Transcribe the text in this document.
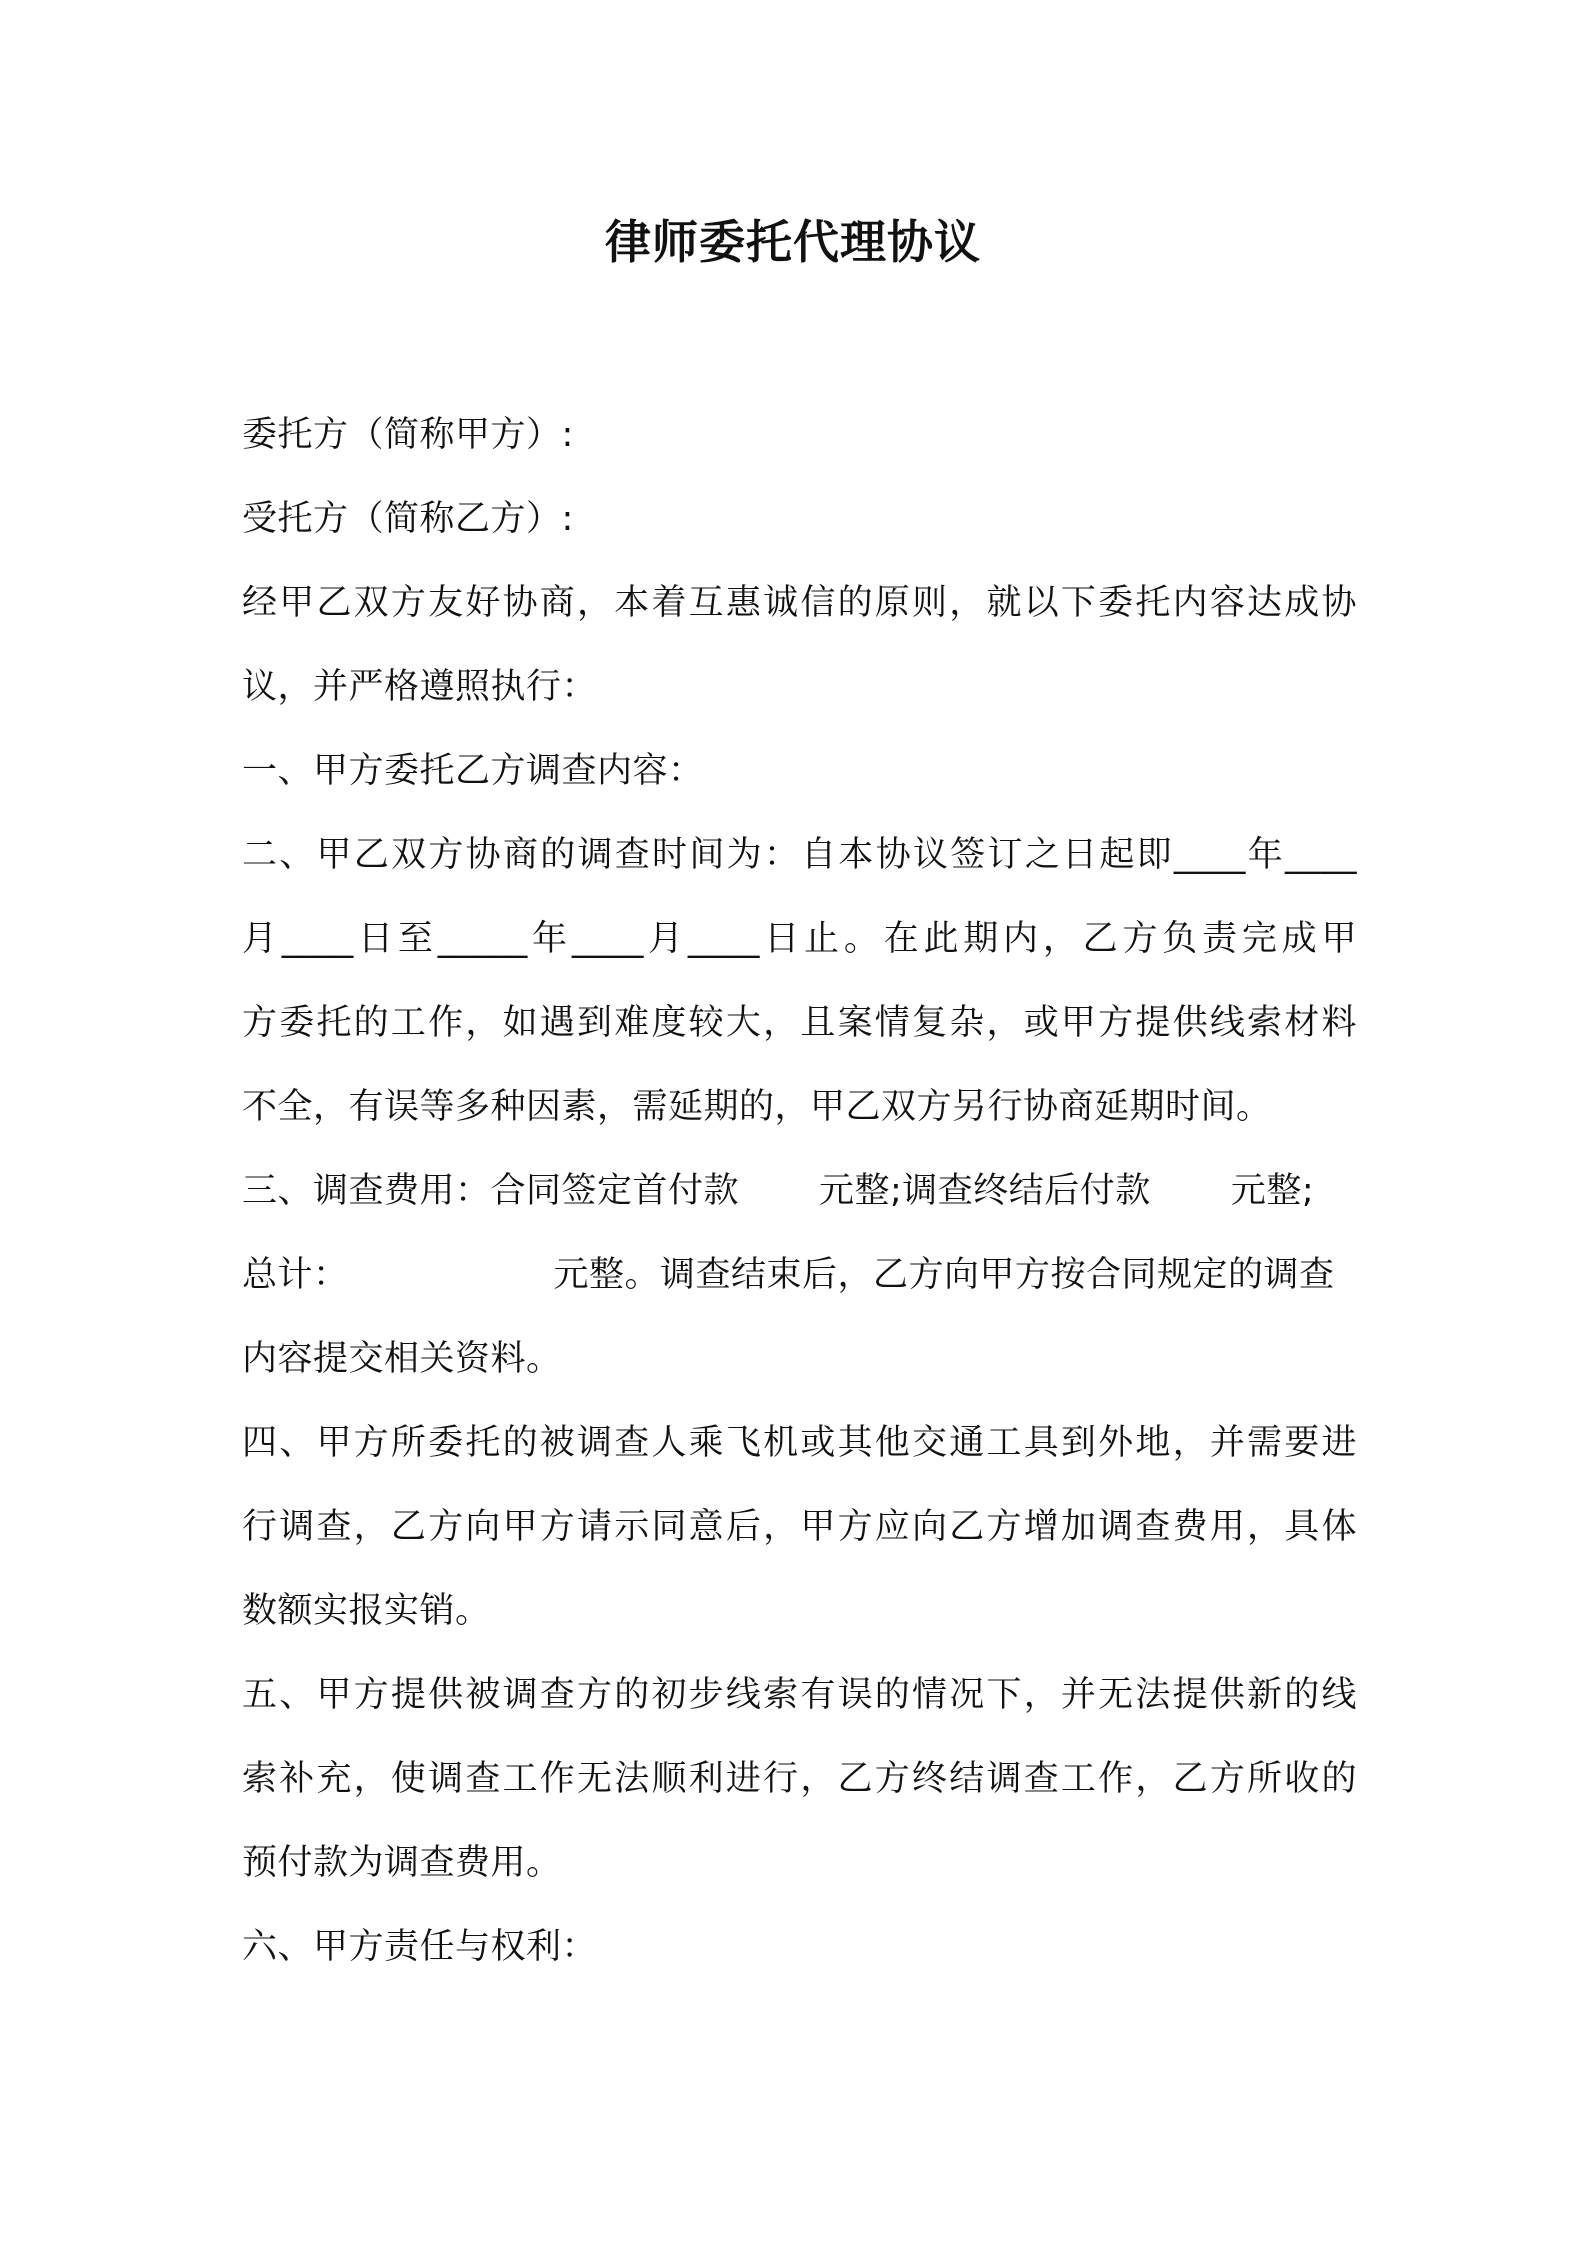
律师委托代理协议
委托方（简称甲方）:
受托方（简称乙方）:
经甲乙双方友好协商，本着互惠诚信的原则，就以下委托内容达成协
议，并严格遵照执行：
一、甲方委托乙方调查内容：
二、甲乙双方协商的调查时间为：自本协议签订之日起即____年____
月____日至_____年____月____日止。在此期内，乙方负责完成甲
方委托的工作，如遇到难度较大，且案情复杂，或甲方提供线索材料
不全，有误等多种因素，需延期的，甲乙双方另行协商延期时间。
三、调查费用：合同签定首付款 元整;调查终结后付款 元整;
总计：	元整。调查结束后，乙方向甲方按合同规定的调查
内容提交相关资料。
四、甲方所委托的被调查人乘飞机或其他交通工具到外地，并需要进
行调查，乙方向甲方请示同意后，甲方应向乙方增加调查费用，具体
数额实报实销。
五、甲方提供被调查方的初步线索有误的情况下，并无法提供新的线
索补充，使调查工作无法顺利进行，乙方终结调查工作，乙方所收的
预付款为调查费用。
六、甲方责任与权利：
